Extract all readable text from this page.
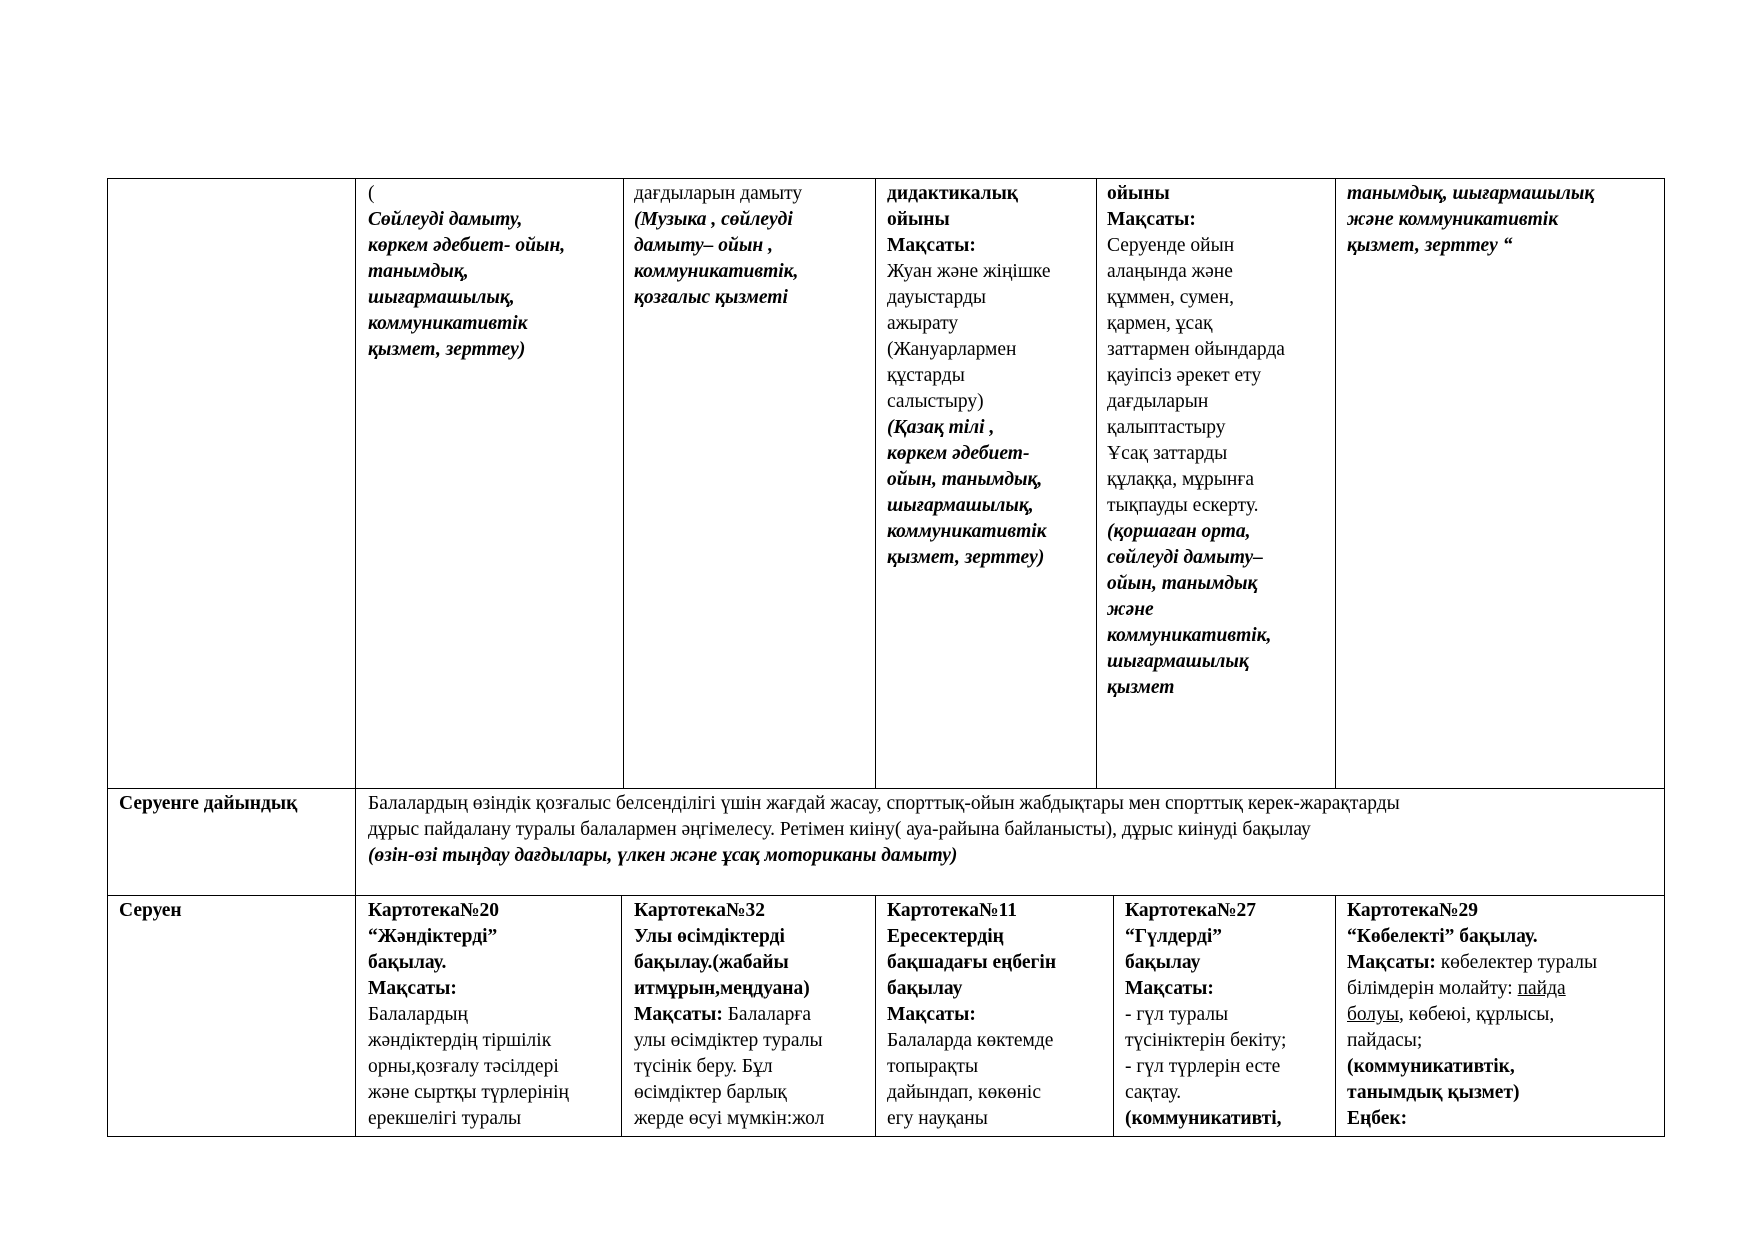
(
Сөйлеуді дамыту,
көркем әдебиет- ойын,
танымдық,
шығармашылық,
коммуникативтік
қызмет, зерттеу)
дағдыларын дамыту
(Музыка , сөйлеуді
дамыту– ойын ,
коммуникативтік,
қозғалыс қызметі
дидактикалық
ойыны
Мақсаты:
Жуан және жіңішке
дауыстарды
ажырату
(Жануарлармен
құстарды
салыстыру)
(Қазақ тілі ,
көркем әдебиет-
ойын, танымдық,
шығармашылық,
коммуникативтік
қызмет, зерттеу)
ойыны
Мақсаты:
Серуенде ойын
алаңында және
құммен, сумен,
қармен, ұсақ
заттармен ойындарда
қауіпсіз әрекет ету
дағдыларын
қалыптастыру
Ұсақ заттарды
құлаққа, мұрынға
тықпауды ескерту.
(қоршаған орта,
сөйлеуді дамыту–
ойын, танымдық
және
коммуникативтік,
шығармашылық
қызмет
танымдық, шығармашылық
және коммуникативтік
қызмет, зерттеу “
Серуенге дайындық	Балалардың өзіндік қозғалыс белсенділігі үшін жағдай жасау, спорттық-ойын жабдықтары мен спорттық керек-жарақтарды
дұрыс пайдалану туралы балалармен әңгімелесу. Ретімен киіну( ауа-райына байланысты), дұрыс киінуді бақылау
(өзін-өзі тыңдау дағдылары, үлкен және ұсақ моториканы дамыту)
Серуен	Картотека№20
“Жәндіктерді”
бақылау.
Мақсаты:
Балалардың
жәндіктердің тіршілік
орны,қозғалу тәсілдері
және сыртқы түрлерінің
ерекшелігі туралы
Картотека№32
Улы өсімдіктерді
бақылау.(жабайы
итмұрын,меңдуана)
Мақсаты: Балаларға
улы өсімдіктер туралы
түсінік беру. Бұл
өсімдіктер барлық
жерде өсуі мүмкін:жол
Картотека№11
Ересектердің
бақшадағы еңбегін
бақылау
Мақсаты:
Балаларда көктемде
топырақты
дайындап, көкөніс
егу науқаны
Картотека№27
“Гүлдерді”
бақылау
Мақсаты:
- гүл туралы
түсініктерін бекіту;
- гүл түрлерін есте
сақтау.
(коммуникативті,
Картотека№29
“Көбелекті” бақылау.
Мақсаты: көбелектер туралы
білімдерін молайту: пайда
болуы, көбеюі, құрлысы,
пайдасы;
(коммуникативтік,
танымдық қызмет)
Еңбек:
